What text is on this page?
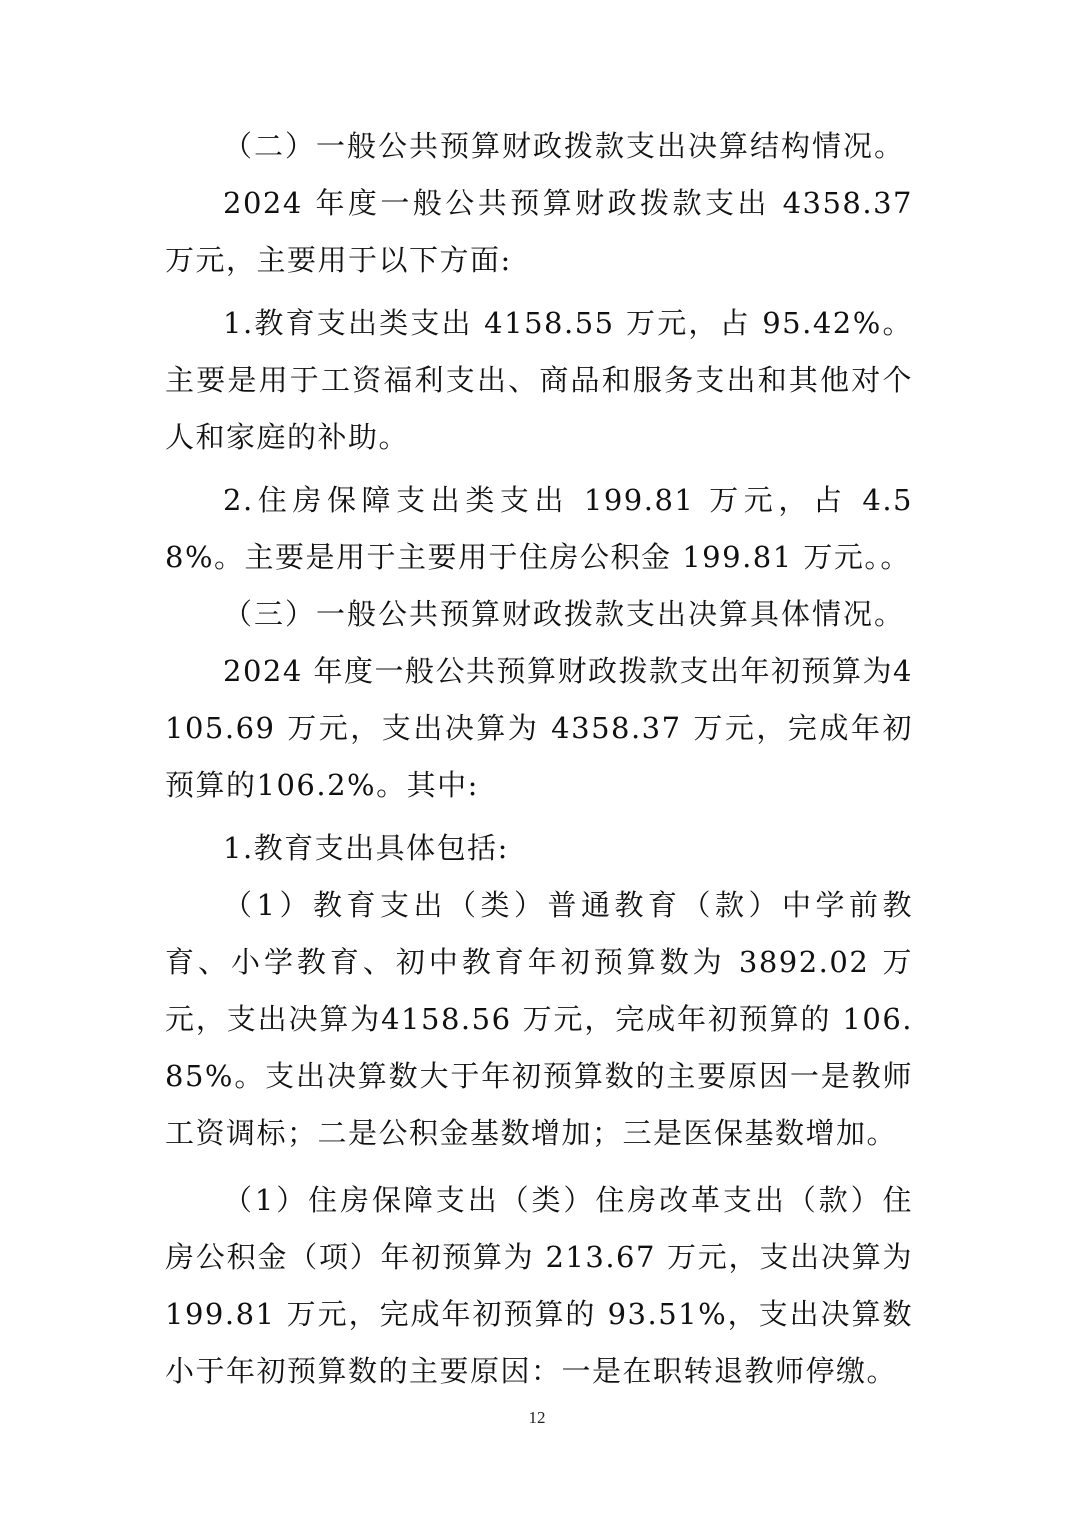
（二）一般公共预算财政拨款支出决算结构情况。

2024 年度一般公共预算财政拨款支出 4358.37 万元，主要用于以下方面:

1.教育支出类支出 4158.55 万元，占 95.42%。主要是用于工资福利支出、商品和服务支出和其他对个人和家庭的补助。

2.住房保障支出类支出 199.81 万元，占 4.58%。主要是用于主要用于住房公积金 199.81 万元。。

（三）一般公共预算财政拨款支出决算具体情况。

2024 年度一般公共预算财政拨款支出年初预算为4105.69 万元，支出决算为 4358.37 万元，完成年初预算的106.2%。其中:

1.教育支出具体包括:

（1）教育支出（类）普通教育（款）中学前教育、小学教育、初中教育年初预算数为 3892.02 万元，支出决算为4158.56 万元，完成年初预算的 106.85%。支出决算数大于年初预算数的主要原因一是教师工资调标；二是公积金基数增加；三是医保基数增加。

（1）住房保障支出（类）住房改革支出（款）住房公积金（项）年初预算为 213.67 万元，支出决算为 199.81 万元，完成年初预算的 93.51%，支出决算数小于年初预算数的主要原因：一是在职转退教师停缴。

12
